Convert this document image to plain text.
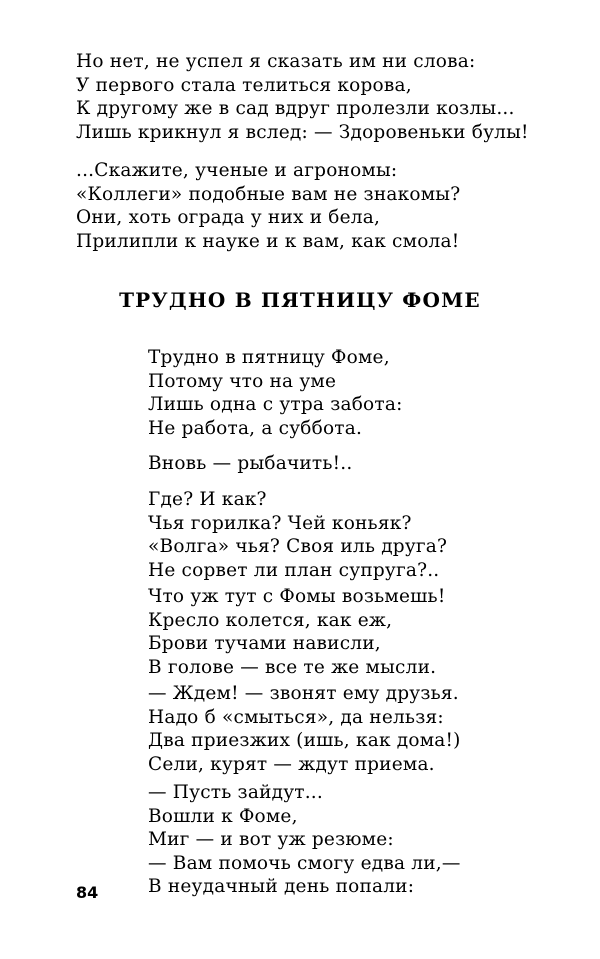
Но нет, не успел я сказать им ни слова:
У первого стала телиться корова,
К другому же в сад вдруг пролезли козлы...
Лишь крикнул я вслед: — Здоровеньки булы!
...Скажите, ученые и агрономы:
«Коллеги» подобные вам не знакомы?
Они, хоть ограда у них и бела,
Прилипли к науке и к вам, как смола!
ТРУДНО В ПЯТНИЦУ ФОМЕ
Трудно в пятницу Фоме,
Потому что на уме
Лишь одна с утра забота:
Не работа, а суббота.
Вновь — рыбачить!..
Где? И как?
Чья горилка? Чей коньяк?
«Волга» чья? Своя иль друга?
Не сорвет ли план супруга?..
Что уж тут с Фомы возьмешь!
Кресло колется, как еж,
Брови тучами нависли,
В голове — все те же мысли.
— Ждем! — звонят ему друзья.
Надо б «смыться», да нельзя:
Два приезжих (ишь, как дома!)
Сели, курят — ждут приема.
— Пусть зайдут...
Вошли к Фоме,
Миг — и вот уж резюме:
— Вам помочь смогу едва ли,—
В неудачный день попали:
84
